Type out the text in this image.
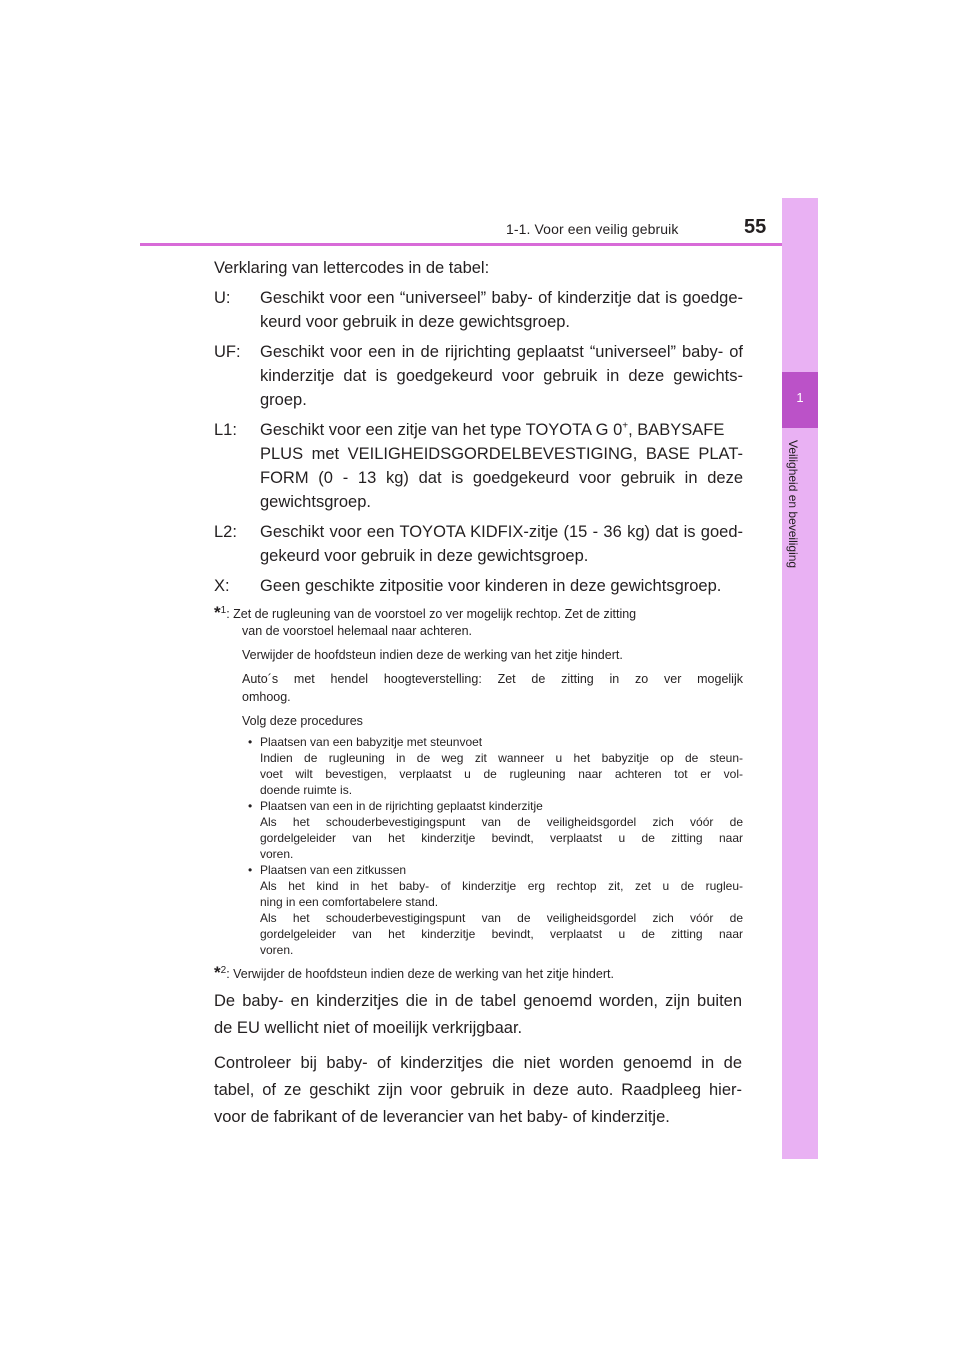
1-1. Voor een veilig gebruik	55
1
Veiligheid en beveiliging
Verklaring van lettercodes in de tabel:
U: Geschikt voor een “universeel” baby- of kinderzitje dat is goedge-
keurd voor gebruik in deze gewichtsgroep.
UF: Geschikt voor een in de rijrichting geplaatst “universeel” baby- of
kinderzitje dat is goedgekeurd voor gebruik in deze gewichts-
groep.
L1: Geschikt voor een zitje van het type TOYOTA G 0+, BABYSAFE
PLUS met VEILIGHEIDSGORDELBEVESTIGING, BASE PLAT-
FORM (0 - 13 kg) dat is goedgekeurd voor gebruik in deze
gewichtsgroep.
L2: Geschikt voor een TOYOTA KIDFIX-zitje (15 - 36 kg) dat is goed-
gekeurd voor gebruik in deze gewichtsgroep.
X: Geen geschikte zitpositie voor kinderen in deze gewichtsgroep.
*$^1$: Zet de rugleuning van de voorstoel zo ver mogelijk rechtop. Zet de zitting
van de voorstoel helemaal naar achteren.
Verwijder de hoofdsteun indien deze de werking van het zitje hindert.
Auto´s met hendel hoogteverstelling: Zet de zitting in zo ver mogelijk
omhoog.
Volg deze procedures
• Plaatsen van een babyzitje met steunvoet
Indien de rugleuning in de weg zit wanneer u het babyzitje op de steun-
voet wilt bevestigen, verplaatst u de rugleuning naar achteren tot er vol-
doende ruimte is.
• Plaatsen van een in de rijrichting geplaatst kinderzitje
Als het schouderbevestigingspunt van de veiligheidsgordel zich vóór de
gordelgeleider van het kinderzitje bevindt, verplaatst u de zitting naar
voren.
• Plaatsen van een zitkussen
Als het kind in het baby- of kinderzitje erg rechtop zit, zet u de rugleu-
ning in een comfortabelere stand.
Als het schouderbevestigingspunt van de veiligheidsgordel zich vóór de
gordelgeleider van het kinderzitje bevindt, verplaatst u de zitting naar
voren.
*$^2$: Verwijder de hoofdsteun indien deze de werking van het zitje hindert.
De baby- en kinderzitjes die in de tabel genoemd worden, zijn buiten
de EU wellicht niet of moeilijk verkrijgbaar.
Controleer bij baby- of kinderzitjes die niet worden genoemd in de
tabel, of ze geschikt zijn voor gebruik in deze auto. Raadpleeg hier-
voor de fabrikant of de leverancier van het baby- of kinderzitje.
